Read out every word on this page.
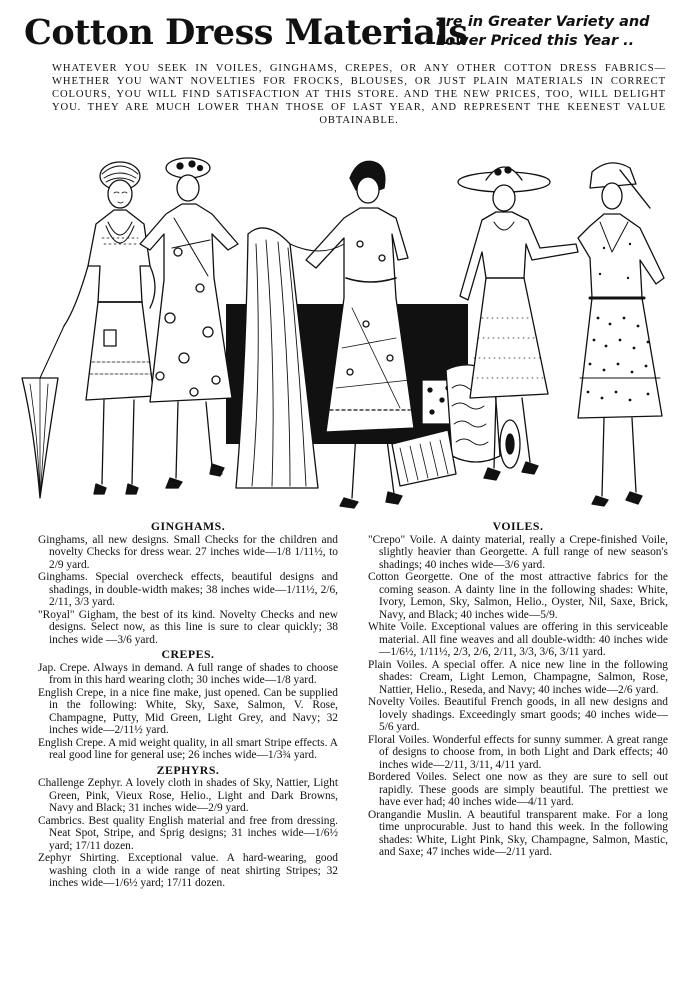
Cotton Dress Materials
are in Greater Variety and
Lower Priced this Year ..
WHATEVER YOU SEEK IN VOILES, GINGHAMS, CREPES, OR ANY OTHER COTTON DRESS FABRICS—WHETHER YOU WANT NOVELTIES FOR FROCKS, BLOUSES, OR JUST PLAIN MATERIALS IN CORRECT COLOURS, YOU WILL FIND SATISFACTION AT THIS STORE. AND THE NEW PRICES, TOO, WILL DELIGHT YOU. THEY ARE MUCH LOWER THAN THOSE OF LAST YEAR, AND REPRESENT THE KEENEST VALUE OBTAINABLE.
GINGHAMS.
Ginghams, all new designs. Small Checks for the children and novelty Checks for dress wear. 27 inches wide—1/8 1/11½, to 2/9 yard.
Ginghams. Special overcheck effects, beautiful designs and shadings, in double-width makes; 38 inches wide—1/11½, 2/6, 2/11, 3/3 yard.
"Royal" Gigham, the best of its kind. Novelty Checks and new designs. Select now, as this line is sure to clear quickly; 38 inches wide —3/6 yard.
CREPES.
Jap. Crepe. Always in demand. A full range of shades to choose from in this hard wearing cloth; 30 inches wide—1/8 yard.
English Crepe, in a nice fine make, just opened. Can be supplied in the following: White, Sky, Saxe, Salmon, V. Rose, Champagne, Putty, Mid Green, Light Grey, and Navy; 32 inches wide—2/11½ yard.
English Crepe. A mid weight quality, in all smart Stripe effects. A real good line for general use; 26 inches wide—1/3¾ yard.
ZEPHYRS.
Challenge Zephyr. A lovely cloth in shades of Sky, Nattier, Light Green, Pink, Vieux Rose, Helio., Light and Dark Browns, Navy and Black; 31 inches wide—2/9 yard.
Cambrics. Best quality English material and free from dressing. Neat Spot, Stripe, and Sprig designs; 31 inches wide—1/6½ yard; 17/11 dozen.
Zephyr Shirting. Exceptional value. A hard-wearing, good washing cloth in a wide range of neat shirting Stripes; 32 inches wide—1/6½ yard; 17/11 dozen.
VOILES.
"Crepo" Voile. A dainty material, really a Crepe-finished Voile, slightly heavier than Georgette. A full range of new season's shadings; 40 inches wide—3/6 yard.
Cotton Georgette. One of the most attractive fabrics for the coming season. A dainty line in the following shades: White, Ivory, Lemon, Sky, Salmon, Helio., Oyster, Nil, Saxe, Brick, Navy, and Black; 40 inches wide—5/9.
White Voile. Exceptional values are offering in this serviceable material. All fine weaves and all double-width: 40 inches wide—1/6½, 1/11½, 2/3, 2/6, 2/11, 3/3, 3/6, 3/11 yard.
Plain Voiles. A special offer. A nice new line in the following shades: Cream, Light Lemon, Champagne, Salmon, Rose, Nattier, Helio., Reseda, and Navy; 40 inches wide—2/6 yard.
Novelty Voiles. Beautiful French goods, in all new designs and lovely shadings. Exceedingly smart goods; 40 inches wide—5/6 yard.
Floral Voiles. Wonderful effects for sunny summer. A great range of designs to choose from, in both Light and Dark effects; 40 inches wide—2/11, 3/11, 4/11 yard.
Bordered Voiles. Select one now as they are sure to sell out rapidly. These goods are simply beautiful. The prettiest we have ever had; 40 inches wide—4/11 yard.
Orangandie Muslin. A beautiful transparent make. For a long time unprocurable. Just to hand this week. In the following shades: White, Light Pink, Sky, Champagne, Salmon, Mastic, and Saxe; 47 inches wide—2/11 yard.
